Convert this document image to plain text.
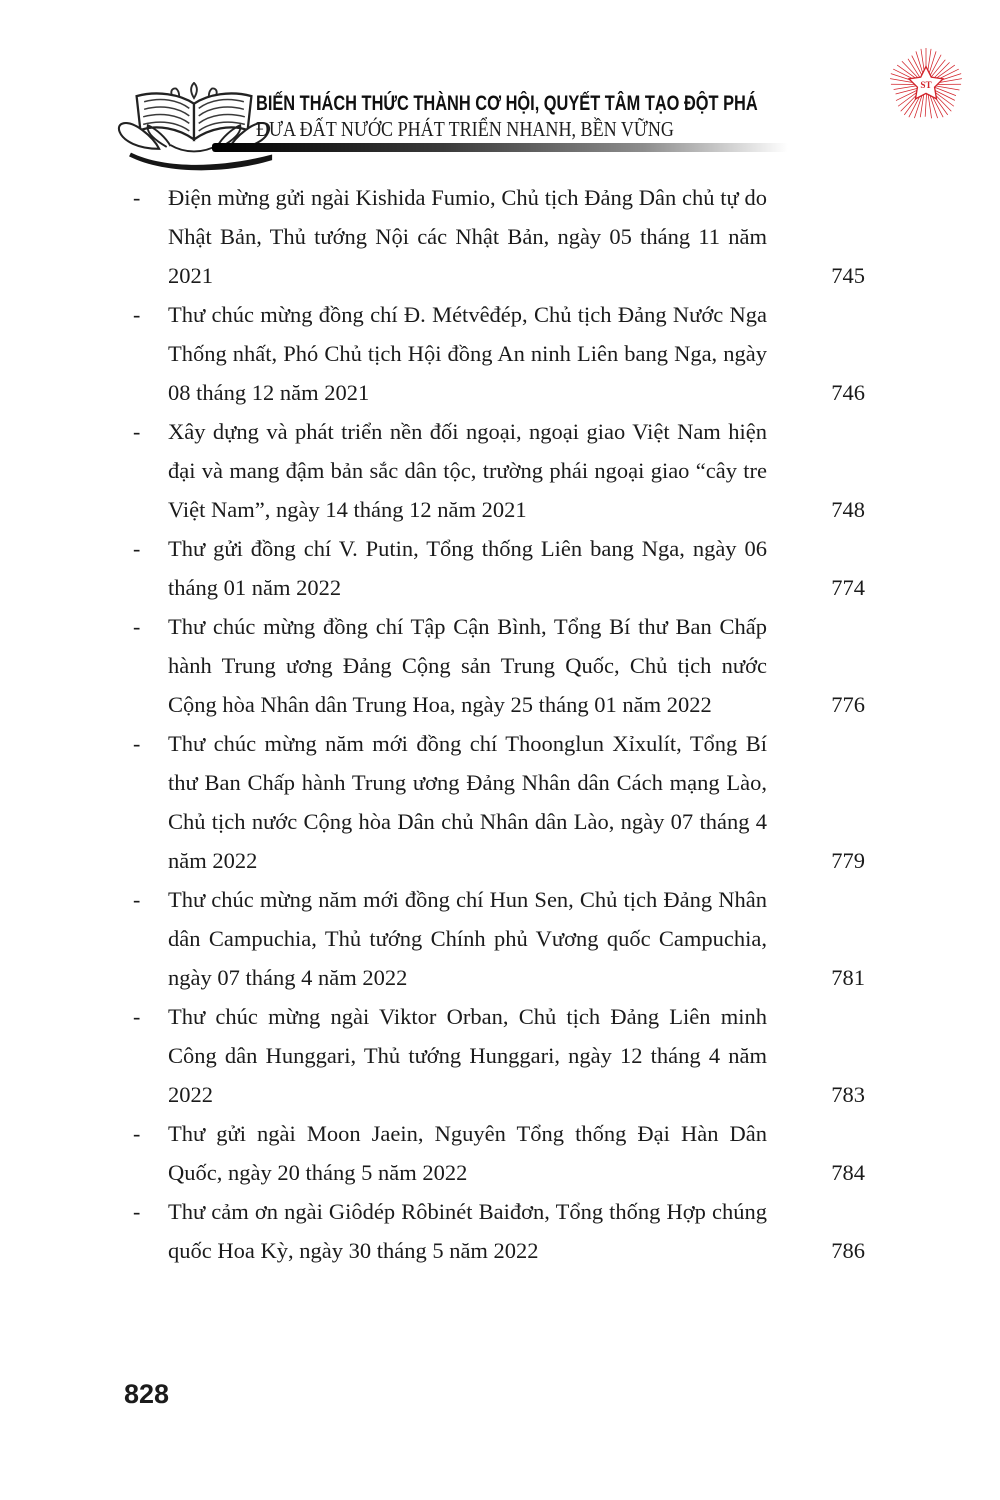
BIẾN THÁCH THỨC THÀNH CƠ HỘI, QUYẾT TÂM TẠO ĐỘT PHÁ
ĐƯA ĐẤT NƯỚC PHÁT TRIỂN NHANH, BỀN VỮNG
ST
-	Điện mừng gửi ngài Kishida Fumio, Chủ tịch Đảng Dân chủ tự do Nhật Bản, Thủ tướng Nội các Nhật Bản, ngày 05 tháng 11 năm 2021	745
-	Thư chúc mừng đồng chí Đ. Métvêđép, Chủ tịch Đảng Nước Nga Thống nhất, Phó Chủ tịch Hội đồng An ninh Liên bang Nga, ngày 08 tháng 12 năm 2021	746
-	Xây dựng và phát triển nền đối ngoại, ngoại giao Việt Nam hiện đại và mang đậm bản sắc dân tộc, trường phái ngoại giao “cây tre Việt Nam”, ngày 14 tháng 12 năm 2021	748
-	Thư gửi đồng chí V. Putin, Tổng thống Liên bang Nga, ngày 06 tháng 01 năm 2022	774
-	Thư chúc mừng đồng chí Tập Cận Bình, Tổng Bí thư Ban Chấp hành Trung ương Đảng Cộng sản Trung Quốc, Chủ tịch nước Cộng hòa Nhân dân Trung Hoa, ngày 25 tháng 01 năm 2022	776
-	Thư chúc mừng năm mới đồng chí Thoonglun Xỉxulít, Tổng Bí thư Ban Chấp hành Trung ương Đảng Nhân dân Cách mạng Lào, Chủ tịch nước Cộng hòa Dân chủ Nhân dân Lào, ngày 07 tháng 4 năm 2022	779
-	Thư chúc mừng năm mới đồng chí Hun Sen, Chủ tịch Đảng Nhân dân Campuchia, Thủ tướng Chính phủ Vương quốc Campuchia, ngày 07 tháng 4 năm 2022	781
-	Thư chúc mừng ngài Viktor Orban, Chủ tịch Đảng Liên minh Công dân Hunggari, Thủ tướng Hunggari, ngày 12 tháng 4 năm 2022	783
-	Thư gửi ngài Moon Jaein, Nguyên Tổng thống Đại Hàn Dân Quốc, ngày 20 tháng 5 năm 2022	784
-	Thư cảm ơn ngài Giôdép Rôbinét Baiđơn, Tổng thống Hợp chúng quốc Hoa Kỳ, ngày 30 tháng 5 năm 2022	786
828
